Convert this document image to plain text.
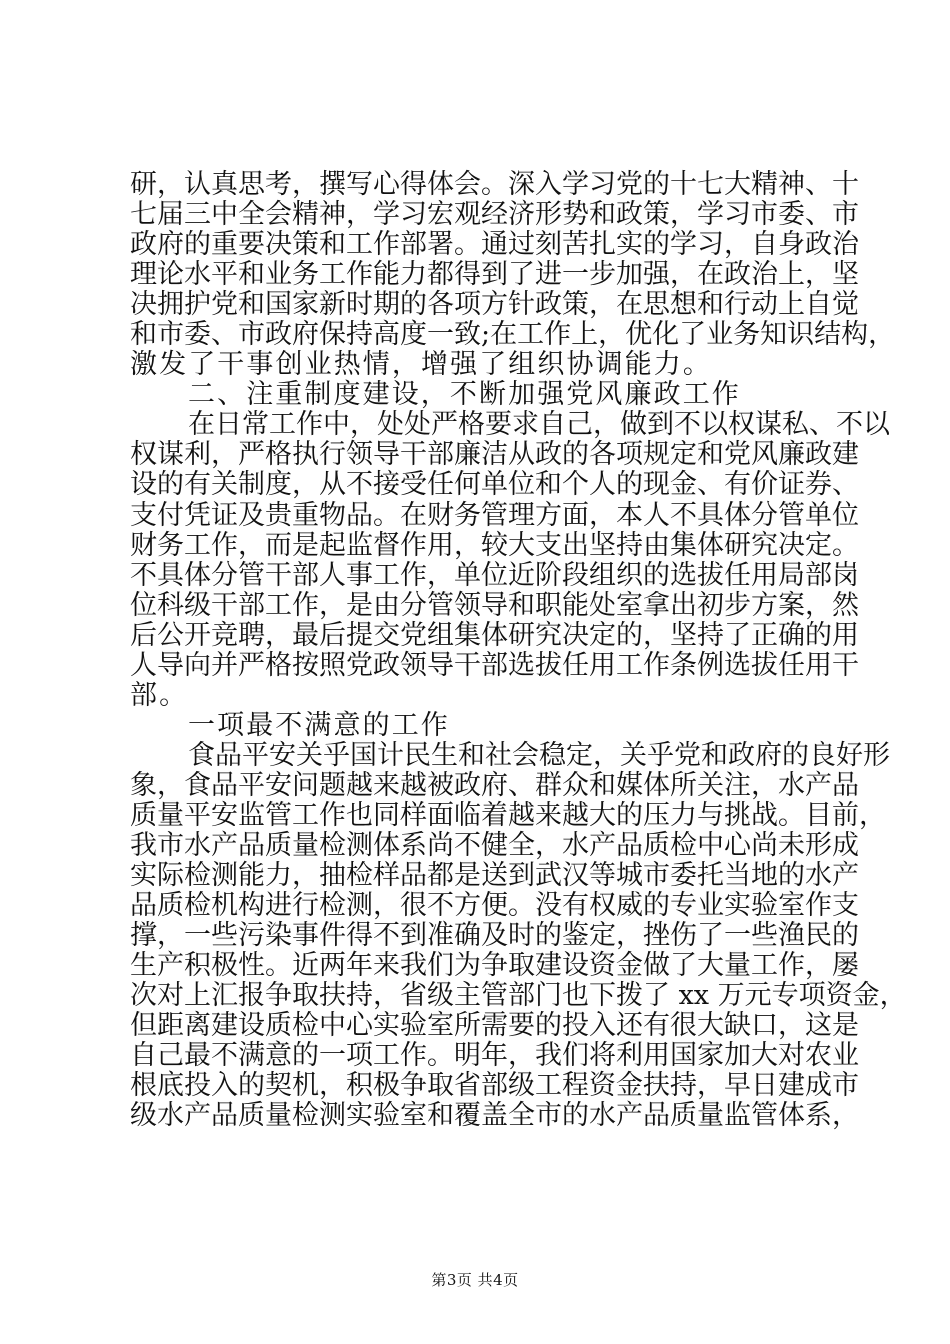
研，认真思考，撰写心得体会。深入学习党的十七大精神、十
七届三中全会精神，学习宏观经济形势和政策，学习市委、市
政府的重要决策和工作部署。通过刻苦扎实的学习，自身政治
理论水平和业务工作能力都得到了进一步加强，在政治上，坚
决拥护党和国家新时期的各项方针政策，在思想和行动上自觉
和市委、市政府保持高度一致;在工作上，优化了业务知识结构，
激发了干事创业热情，增强了组织协调能力。
二、注重制度建设，不断加强党风廉政工作
在日常工作中，处处严格要求自己，做到不以权谋私、不以
权谋利，严格执行领导干部廉洁从政的各项规定和党风廉政建
设的有关制度，从不接受任何单位和个人的现金、有价证券、
支付凭证及贵重物品。在财务管理方面，本人不具体分管单位
财务工作，而是起监督作用，较大支出坚持由集体研究决定。
不具体分管干部人事工作，单位近阶段组织的选拔任用局部岗
位科级干部工作，是由分管领导和职能处室拿出初步方案，然
后公开竞聘，最后提交党组集体研究决定的，坚持了正确的用
人导向并严格按照党政领导干部选拔任用工作条例选拔任用干
部。
一项最不满意的工作
食品平安关乎国计民生和社会稳定，关乎党和政府的良好形
象，食品平安问题越来越被政府、群众和媒体所关注，水产品
质量平安监管工作也同样面临着越来越大的压力与挑战。目前，
我市水产品质量检测体系尚不健全，水产品质检中心尚未形成
实际检测能力，抽检样品都是送到武汉等城市委托当地的水产
品质检机构进行检测，很不方便。没有权威的专业实验室作支
撑，一些污染事件得不到准确及时的鉴定，挫伤了一些渔民的
生产积极性。近两年来我们为争取建设资金做了大量工作，屡
次对上汇报争取扶持，省级主管部门也下拨了 xx 万元专项资金，
但距离建设质检中心实验室所需要的投入还有很大缺口，这是
自己最不满意的一项工作。明年，我们将利用国家加大对农业
根底投入的契机，积极争取省部级工程资金扶持，早日建成市
级水产品质量检测实验室和覆盖全市的水产品质量监管体系，
第3页 共4页
